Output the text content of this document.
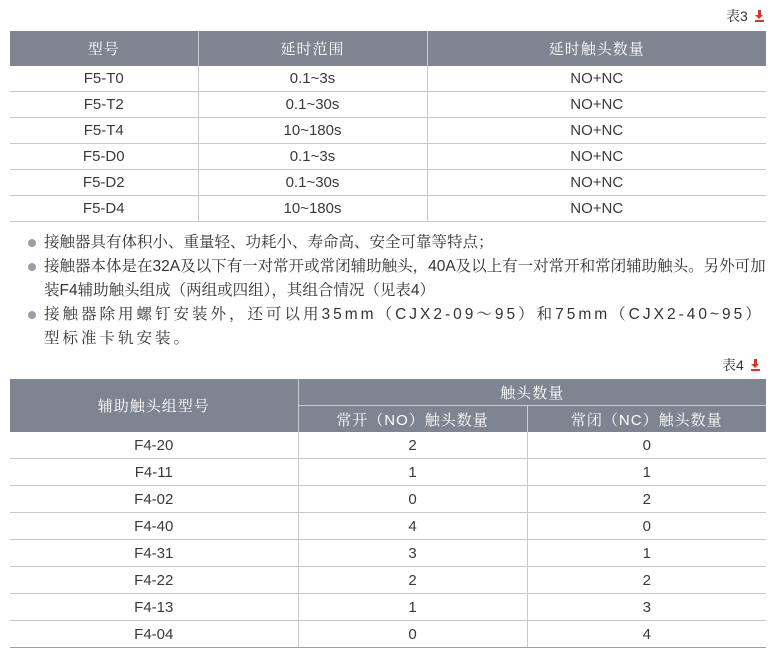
表3
型号	延时范围	延时触头数量
F5-T0	0.1~3s	NO+NC
F5-T2	0.1~30s	NO+NC
F5-T4	10~180s	NO+NC
F5-D0	0.1~3s	NO+NC
F5-D2	0.1~30s	NO+NC
F5-D4	10~180s	NO+NC
接触器具有体积小、重量轻、功耗小、寿命高、安全可靠等特点；
接触器本体是在32A及以下有一对常开或常闭辅助触头，40A及以上有一对常开和常闭辅助触头。另外可加装F4辅助触头组成（两组或四组），其组合情况（见表4）
接触器除用螺钉安装外，还可以用35mm（CJX2-09～95）和75mm（CJX2-40~95）型标准卡轨安装。
表4
辅助触头组型号	触头数量	
	常开（NO）触头数量	常闭（NC）触头数量
F4-20	2	0
F4-11	1	1
F4-02	0	2
F4-40	4	0
F4-31	3	1
F4-22	2	2
F4-13	1	3
F4-04	0	4
